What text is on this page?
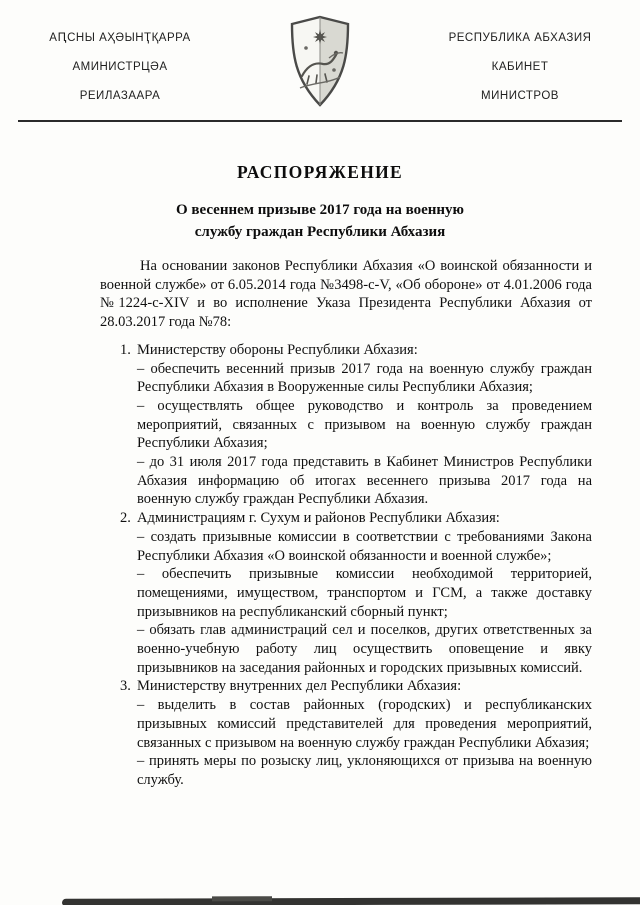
АԤСНЫ АҲӘЫНҬҚАРРА
АМИНИСТРЦӘА
РЕИЛАЗААРА
РЕСПУБЛИКА АБХАЗИЯ
КАБИНЕТ
МИНИСТРОВ
РАСПОРЯЖЕНИЕ
О весеннем призыве 2017 года на военную
службу граждан Республики Абхазия

На основании законов Республики Абхазия «О воинской обязанности и военной службе» от 6.05.2014 года №3498-с-V, «Об обороне» от 4.01.2006 года №1224-с-XIV и во исполнение Указа Президента Республики Абхазия от 28.03.2017 года №78:

1. Министерству обороны Республики Абхазия:

– обеспечить весенний призыв 2017 года на военную службу граждан Республики Абхазия в Вооруженные силы Республики Абхазия;

– осуществлять общее руководство и контроль за проведением мероприятий, связанных с призывом на военную службу граждан Республики Абхазия;

– до 31 июля 2017 года представить в Кабинет Министров Республики Абхазия информацию об итогах весеннего призыва 2017 года на военную службу граждан Республики Абхазия.

2. Администрациям г. Сухум и районов Республики Абхазия:

– создать призывные комиссии в соответствии с требованиями Закона Республики Абхазия «О воинской обязанности и военной службе»;

– обеспечить призывные комиссии необходимой территорией, помещениями, имуществом, транспортом и ГСМ, а также доставку призывников на республиканский сборный пункт;

– обязать глав администраций сел и поселков, других ответственных за военно-учебную работу лиц осуществить оповещение и явку призывников на заседания районных и городских призывных комиссий.

3. Министерству внутренних дел Республики Абхазия:

– выделить в состав районных (городских) и республиканских призывных комиссий представителей для проведения мероприятий, связанных с призывом на военную службу граждан Республики Абхазия;

– принять меры по розыску лиц, уклоняющихся от призыва на военную службу.
